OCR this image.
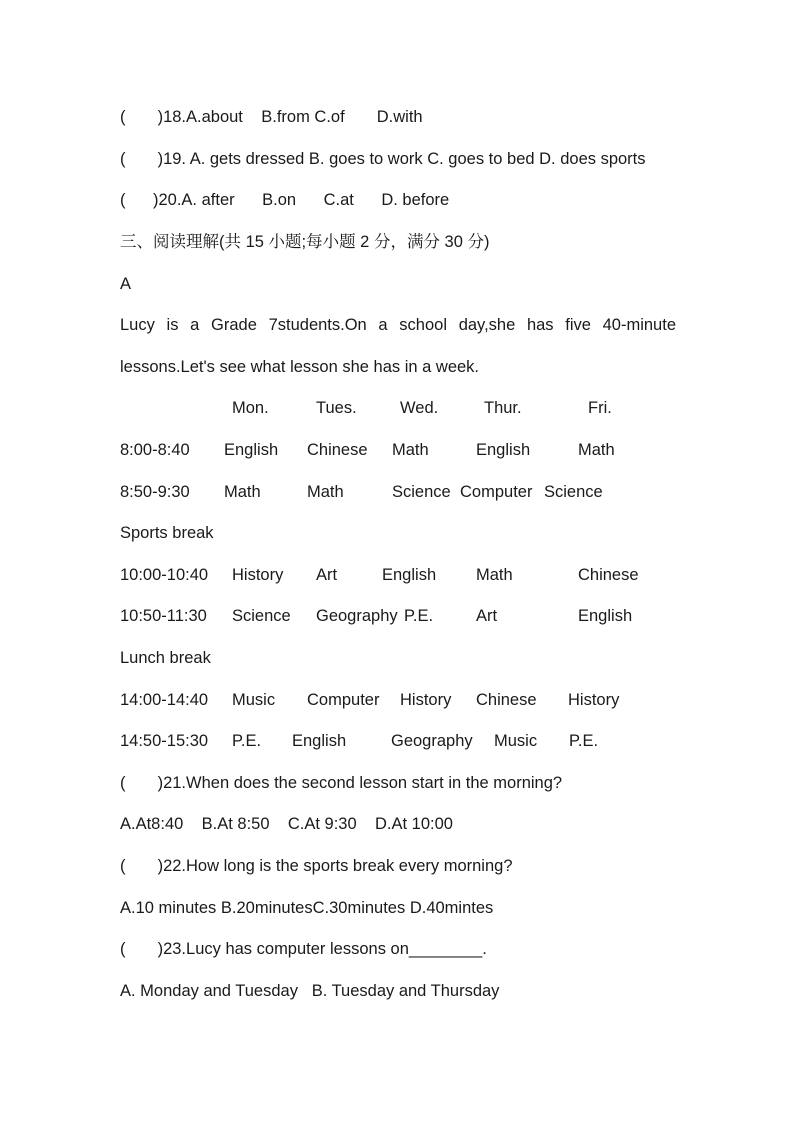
(       )18.A.about    B.from C.of       D.with
(       )19. A. gets dressed B. goes to work C. goes to bed D. does sports
(      )20.A. after      B.on      C.at      D. before
三、阅读理解(共 15 小题;每小题 2 分，满分 30 分)
A
Lucy is a Grade 7students.On a school day,she has five 40-minute
lessons.Let's see what lesson she has in a week.
Mon.	Tues.	Wed.	Thur.	Fri.
8:00-8:40 English Chinese Math	English	Math
8:50-9:30 Math	Math	Science Computer Science
Sports break
10:00-10:40 History Art	English Math	Chinese
10:50-11:30 Science Geography P.E.	Art	English
Lunch break
14:00-14:40 Music Computer History Chinese History
14:50-15:30 P.E. English	Geography Music P.E.
(       )21.When does the second lesson start in the morning?
A.At8:40    B.At 8:50    C.At 9:30    D.At 10:00
(       )22.How long is the sports break every morning?
A.10 minutes B.20minutesC.30minutes D.40mintes
(       )23.Lucy has computer lessons on________.
A. Monday and Tuesday   B. Tuesday and Thursday
